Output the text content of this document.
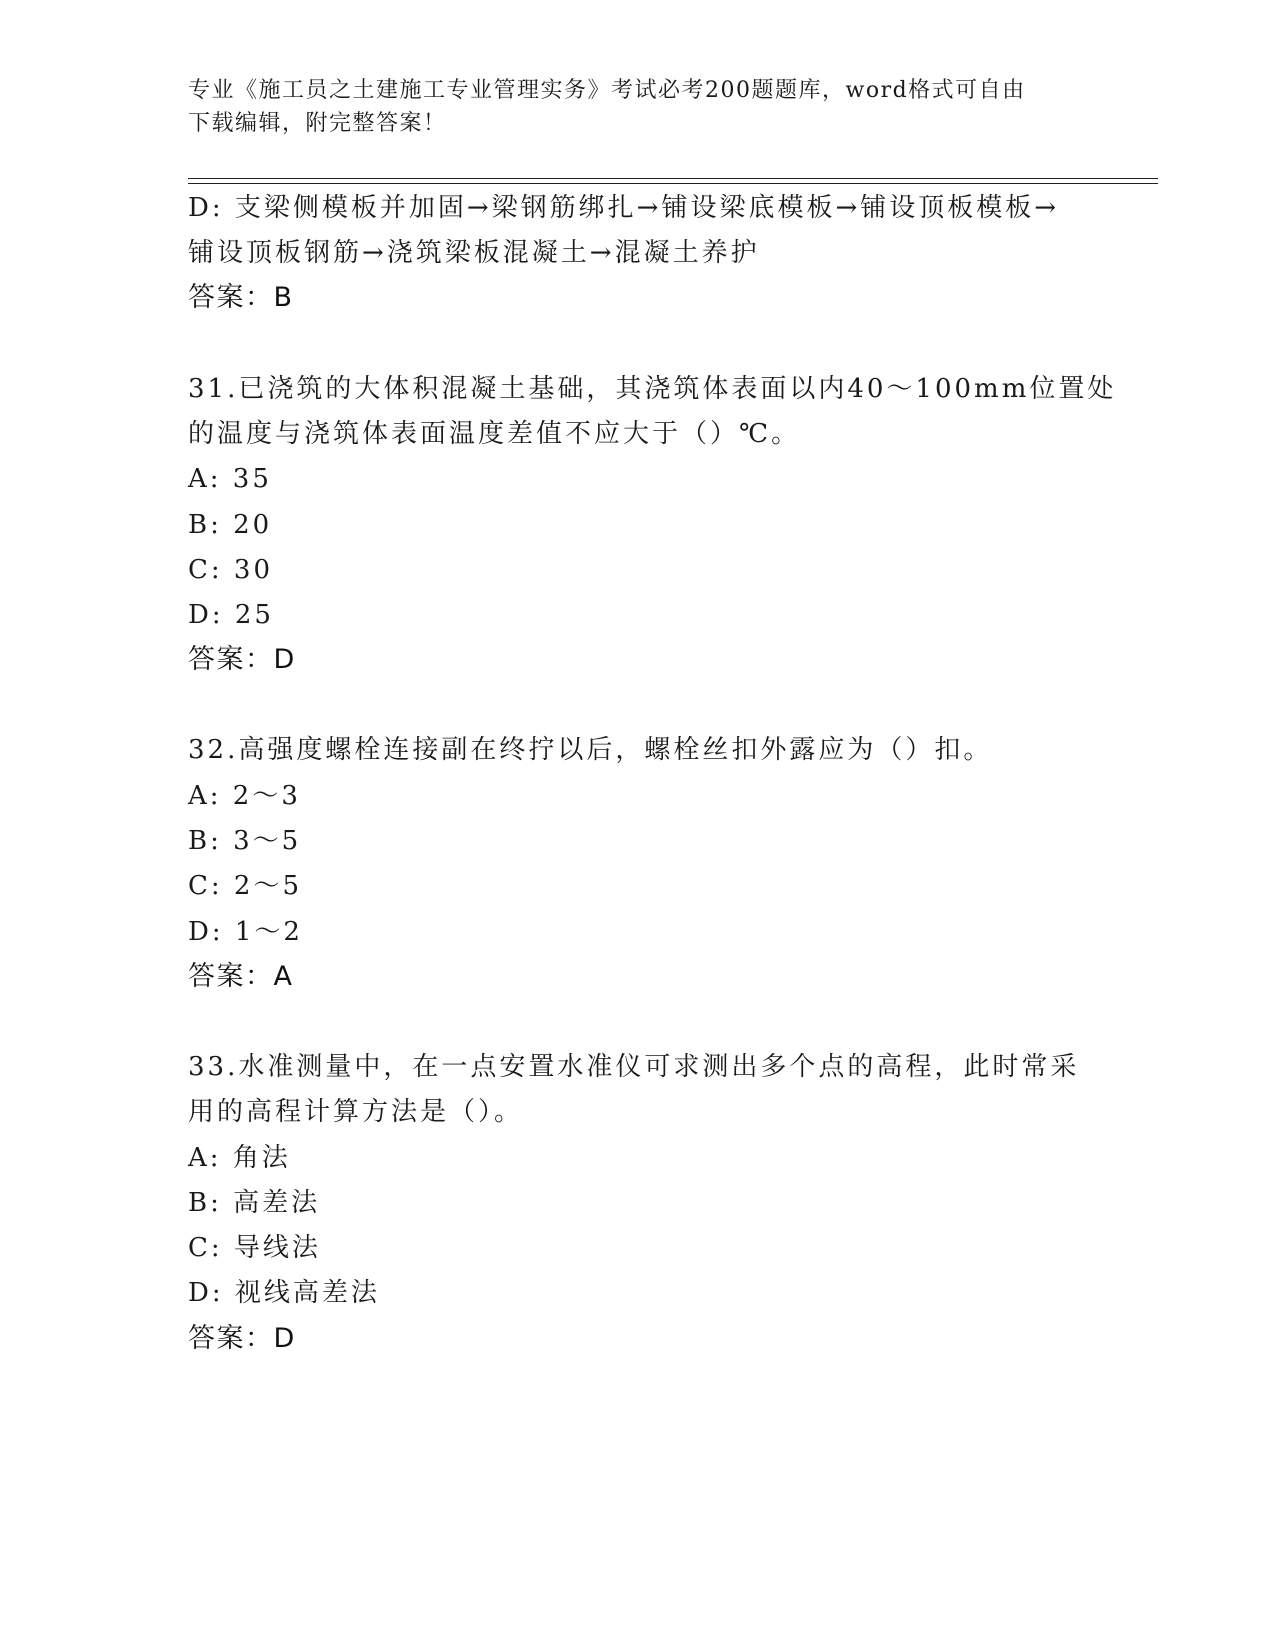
专业《施工员之土建施工专业管理实务》考试必考200题题库，word格式可自由
下载编辑，附完整答案！
D: 支梁侧模板并加固→梁钢筋绑扎→铺设梁底模板→铺设顶板模板→
铺设顶板钢筋→浇筑梁板混凝土→混凝土养护
答案：B
31.已浇筑的大体积混凝土基础，其浇筑体表面以内40～100mm位置处
的温度与浇筑体表面温度差值不应大于（）℃。
A: 35
B: 20
C: 30
D: 25
答案：D
32.高强度螺栓连接副在终拧以后，螺栓丝扣外露应为（）扣。
A: 2～3
B: 3～5
C: 2～5
D: 1～2
答案：A
33.水准测量中，在一点安置水准仪可求测出多个点的高程，此时常采
用的高程计算方法是（）。
A: 角法
B: 高差法
C: 导线法
D: 视线高差法
答案：D
